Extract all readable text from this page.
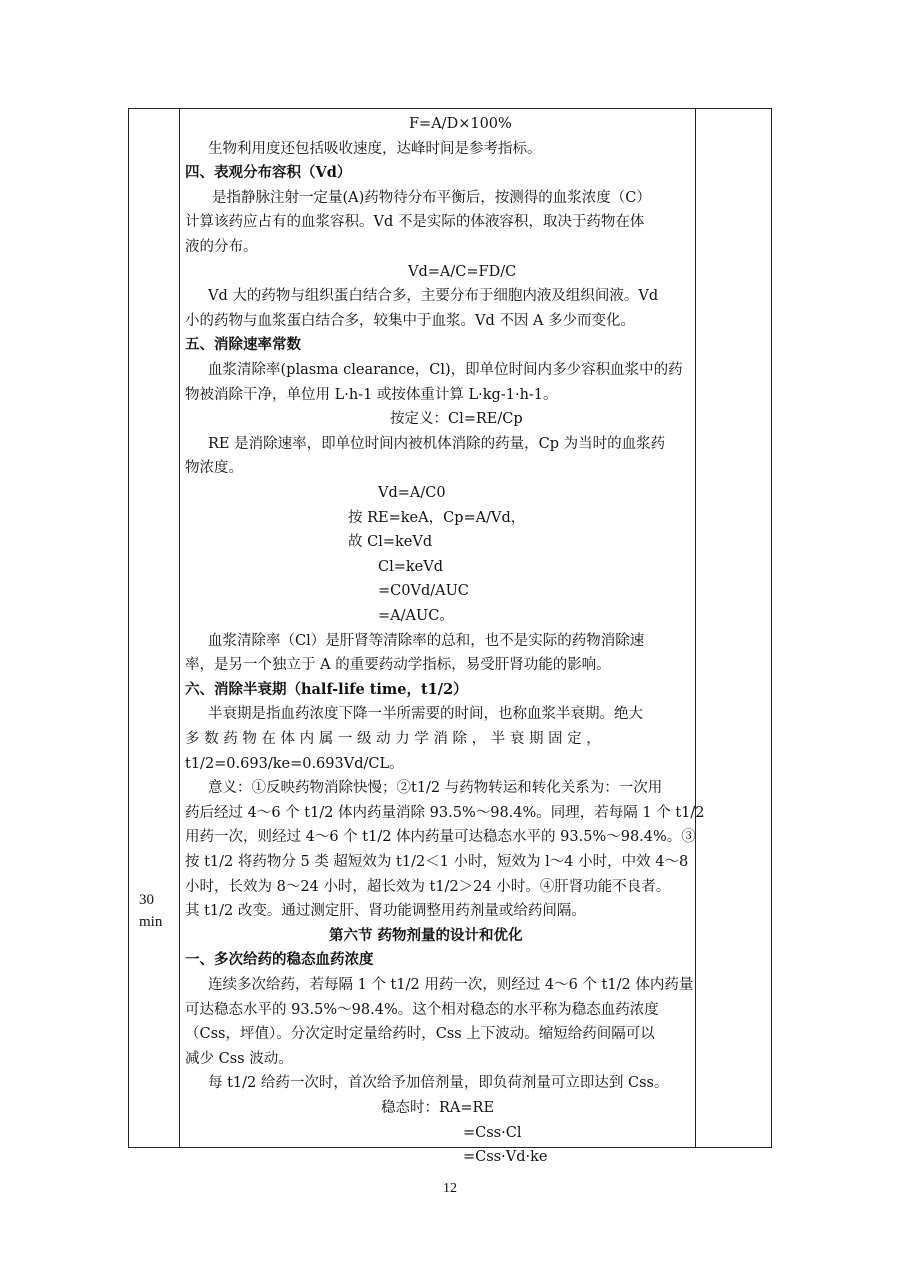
30
min

F=A/D×100%

生物利用度还包括吸收速度，达峰时间是参考指标。

四、表观分布容积（Vd）

是指静脉注射一定量(A)药物待分布平衡后，按测得的血浆浓度（C）

计算该药应占有的血浆容积。Vd 不是实际的体液容积，取决于药物在体

液的分布。

Vd=A/C=FD/C

Vd 大的药物与组织蛋白结合多，主要分布于细胞内液及组织间液。Vd

小的药物与血浆蛋白结合多，较集中于血浆。Vd 不因 A 多少而变化。

五、消除速率常数

血浆清除率(plasma clearance，Cl)，即单位时间内多少容积血浆中的药

物被消除干净，单位用 L·h-1 或按体重计算 L·kg-1·h-1。

按定义：Cl=RE/Cp

RE 是消除速率，即单位时间内被机体消除的药量，Cp 为当时的血浆药

物浓度。

Vd=A/C0

按 RE=keA，Cp=A/Vd，

故 Cl=keVd

Cl=keVd

=C0Vd/AUC

=A/AUC。

血浆清除率（Cl）是肝肾等清除率的总和，也不是实际的药物消除速

率，是另一个独立于 A 的重要药动学指标，易受肝肾功能的影响。

六、消除半衰期（half-life time，t1/2）

半衰期是指血药浓度下降一半所需要的时间，也称血浆半衰期。绝大

多 数 药 物 在 体 内 属 一 级 动 力 学 消 除 ， 半 衰 期 固 定 ，

t1/2=0.693/ke=0.693Vd/CL。

意义：①反映药物消除快慢；②t1/2 与药物转运和转化关系为：一次用

药后经过 4～6 个 t1/2 体内药量消除 93.5%～98.4%。同理，若每隔 1 个 t1/2

用药一次，则经过 4～6 个 t1/2 体内药量可达稳态水平的 93.5%～98.4%。③

按 t1/2 将药物分 5 类 超短效为 t1/2＜1 小时，短效为 l～4 小时，中效 4～8

小时，长效为 8～24 小时，超长效为 t1/2＞24 小时。④肝肾功能不良者。

其 t1/2 改变。通过测定肝、肾功能调整用药剂量或给药间隔。

第六节 药物剂量的设计和优化

一、多次给药的稳态血药浓度

连续多次给药，若每隔 1 个 t1/2 用药一次，则经过 4～6 个 t1/2 体内药量

可达稳态水平的 93.5%～98.4%。这个相对稳态的水平称为稳态血药浓度

（Css，坪值）。分次定时定量给药时，Css 上下波动。缩短给药间隔可以

减少 Css 波动。

每 t1/2 给药一次时，首次给予加倍剂量，即负荷剂量可立即达到 Css。

稳态时：RA=RE

=Css·Cl

=Css·Vd·ke

12
